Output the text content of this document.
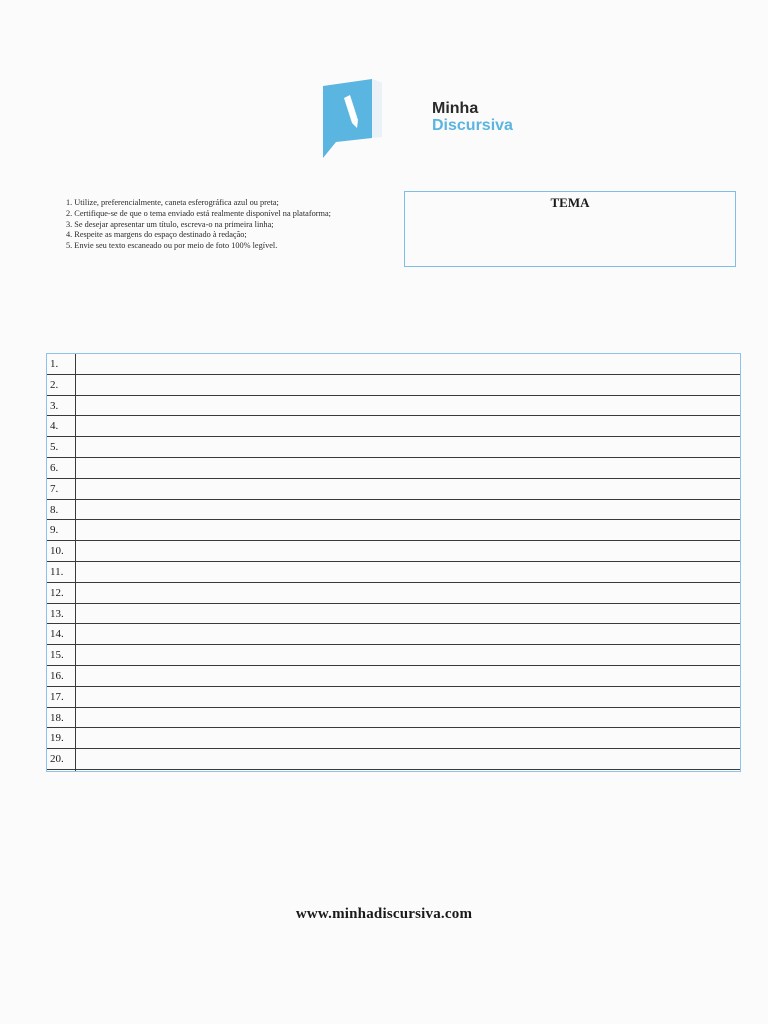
Minha
Discursiva
1. Utilize, preferencialmente, caneta esferográfica azul ou preta;
2. Certifique-se de que o tema enviado está realmente disponível na plataforma;
3. Se desejar apresentar um título, escreva-o na primeira linha;
4. Respeite as margens do espaço destinado à redação;
5. Envie seu texto escaneado ou por meio de foto 100% legível.
TEMA
1.
2.
3.
4.
5.
6.
7.
8.
9.
10.
11.
12.
13.
14.
15.
16.
17.
18.
19.
20.
www.minhadiscursiva.com
